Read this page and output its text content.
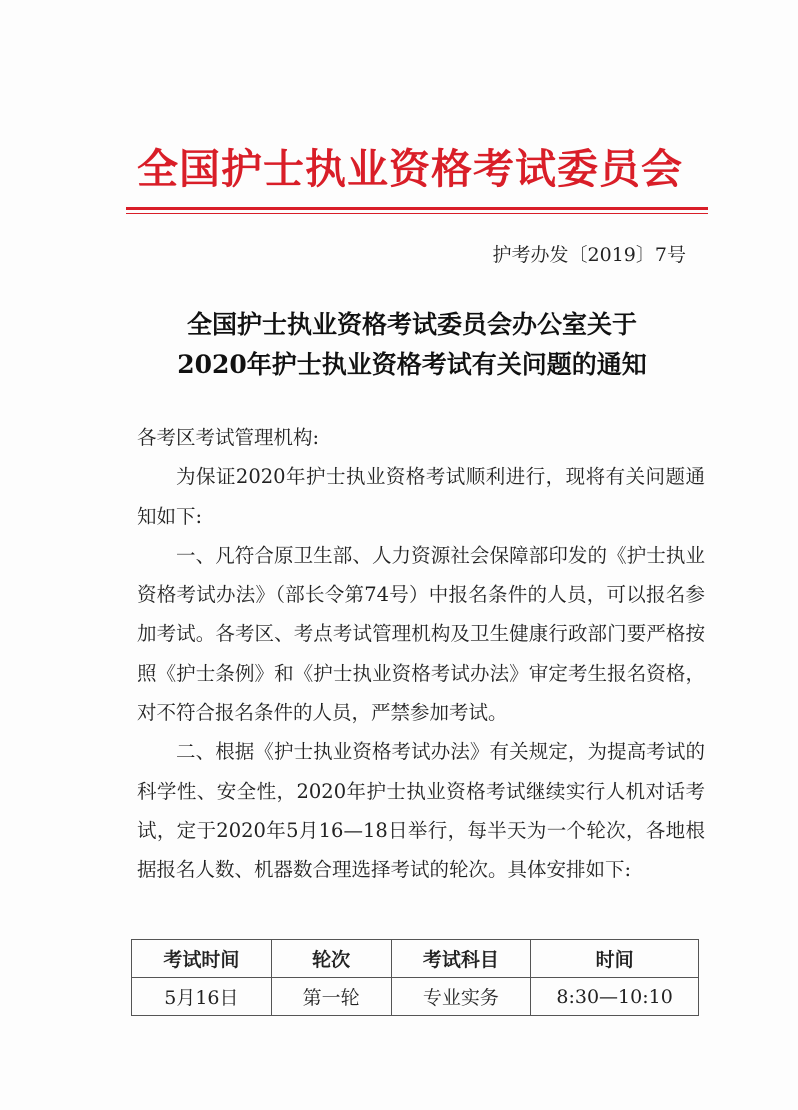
全国护士执业资格考试委员会
护考办发〔2019〕7号
全国护士执业资格考试委员会办公室关于
2020年护士执业资格考试有关问题的通知

各考区考试管理机构:

为保证2020年护士执业资格考试顺利进行，现将有关问题通知如下:

一、凡符合原卫生部、人力资源社会保障部印发的《护士执业资格考试办法》（部长令第74号）中报名条件的人员，可以报名参加考试。各考区、考点考试管理机构及卫生健康行政部门要严格按照《护士条例》和《护士执业资格考试办法》审定考生报名资格，对不符合报名条件的人员，严禁参加考试。

二、根据《护士执业资格考试办法》有关规定，为提高考试的科学性、安全性，2020年护士执业资格考试继续实行人机对话考试，定于2020年5月16—18日举行，每半天为一个轮次，各地根据报名人数、机器数合理选择考试的轮次。具体安排如下:

考试时间	轮次	考试科目	时间
5月16日	第一轮	专业实务	8:30—10:10
